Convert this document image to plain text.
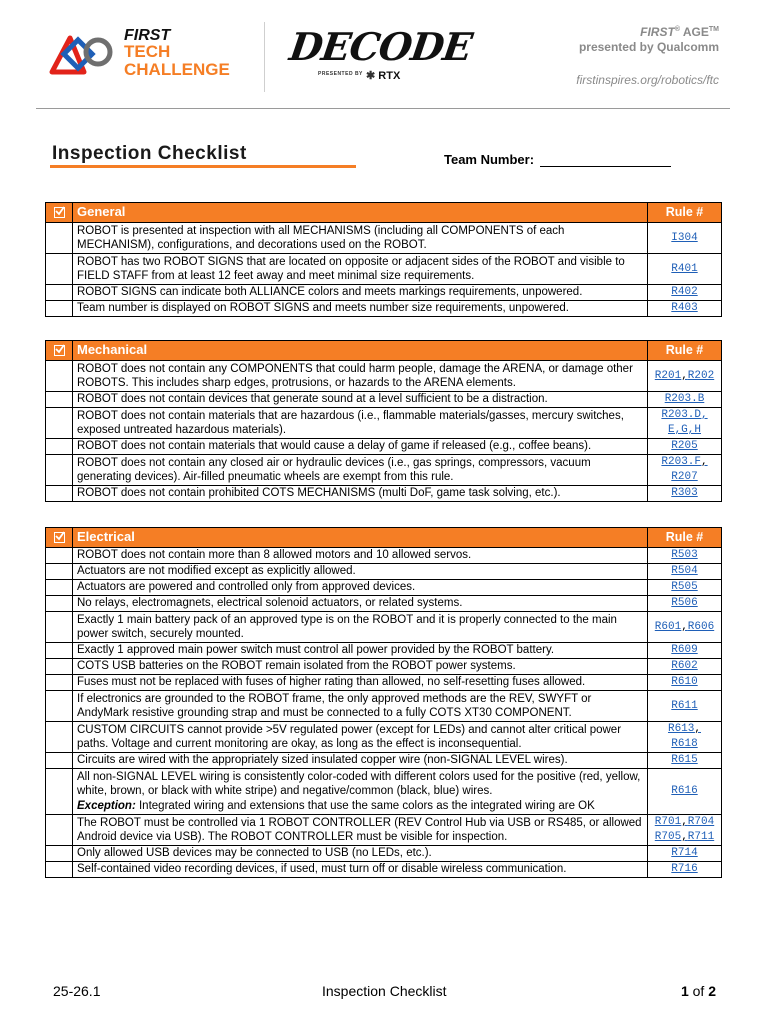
FIRST
TECH
CHALLENGE
DECODE
PRESENTED BY ✱ RTX
FIRST® AGE™
presented by Qualcomm
firstinspires.org/robotics/ftc
Inspection Checklist	Team Number:
	General	Rule #
	ROBOT is presented at inspection with all MECHANISMS (including all COMPONENTS of each MECHANISM), configurations, and decorations used on the ROBOT.	I304
	ROBOT has two ROBOT SIGNS that are located on opposite or adjacent sides of the ROBOT and visible to FIELD STAFF from at least 12 feet away and meet minimal size requirements.	R401
	ROBOT SIGNS can indicate both ALLIANCE colors and meets markings requirements, unpowered.	R402
	Team number is displayed on ROBOT SIGNS and meets number size requirements, unpowered.	R403
	Mechanical	Rule #
	ROBOT does not contain any COMPONENTS that could harm people, damage the ARENA, or damage other ROBOTS. This includes sharp edges, protrusions, or hazards to the ARENA elements.	R201,R202
	ROBOT does not contain devices that generate sound at a level sufficient to be a distraction.	R203.B
	ROBOT does not contain materials that are hazardous (i.e., flammable materials/gasses, mercury switches, exposed untreated hazardous materials).	R203.D,
E,G,H
	ROBOT does not contain materials that would cause a delay of game if released (e.g., coffee beans).	R205
	ROBOT does not contain any closed air or hydraulic devices (i.e., gas springs, compressors, vacuum generating devices). Air-filled pneumatic wheels are exempt from this rule.	R203.F,
R207
	ROBOT does not contain prohibited COTS MECHANISMS (multi DoF, game task solving, etc.).	R303
	Electrical	Rule #
	ROBOT does not contain more than 8 allowed motors and 10 allowed servos.	R503
	Actuators are not modified except as explicitly allowed.	R504
	Actuators are powered and controlled only from approved devices.	R505
	No relays, electromagnets, electrical solenoid actuators, or related systems.	R506
	Exactly 1 main battery pack of an approved type is on the ROBOT and it is properly connected to the main power switch, securely mounted.	R601,R606
	Exactly 1 approved main power switch must control all power provided by the ROBOT battery.	R609
	COTS USB batteries on the ROBOT remain isolated from the ROBOT power systems.	R602
	Fuses must not be replaced with fuses of higher rating than allowed, no self-resetting fuses allowed.	R610
	If electronics are grounded to the ROBOT frame, the only approved methods are the REV, SWYFT or AndyMark resistive grounding strap and must be connected to a fully COTS XT30 COMPONENT.	R611
	CUSTOM CIRCUITS cannot provide >5V regulated power (except for LEDs) and cannot alter critical power paths. Voltage and current monitoring are okay, as long as the effect is inconsequential.	R613,
R618
	Circuits are wired with the appropriately sized insulated copper wire (non-SIGNAL LEVEL wires).	R615
	All non-SIGNAL LEVEL wiring is consistently color-coded with different colors used for the positive (red, yellow, white, brown, or black with white stripe) and negative/common (black, blue) wires.
Exception: Integrated wiring and extensions that use the same colors as the integrated wiring are OK	R616
	The ROBOT must be controlled via 1 ROBOT CONTROLLER (REV Control Hub via USB or RS485, or allowed Android device via USB). The ROBOT CONTROLLER must be visible for inspection.	R701,R704
R705,R711
	Only allowed USB devices may be connected to USB (no LEDs, etc.).	R714
	Self-contained video recording devices, if used, must turn off or disable wireless communication.	R716
25-26.1	Inspection Checklist	1 of 2
